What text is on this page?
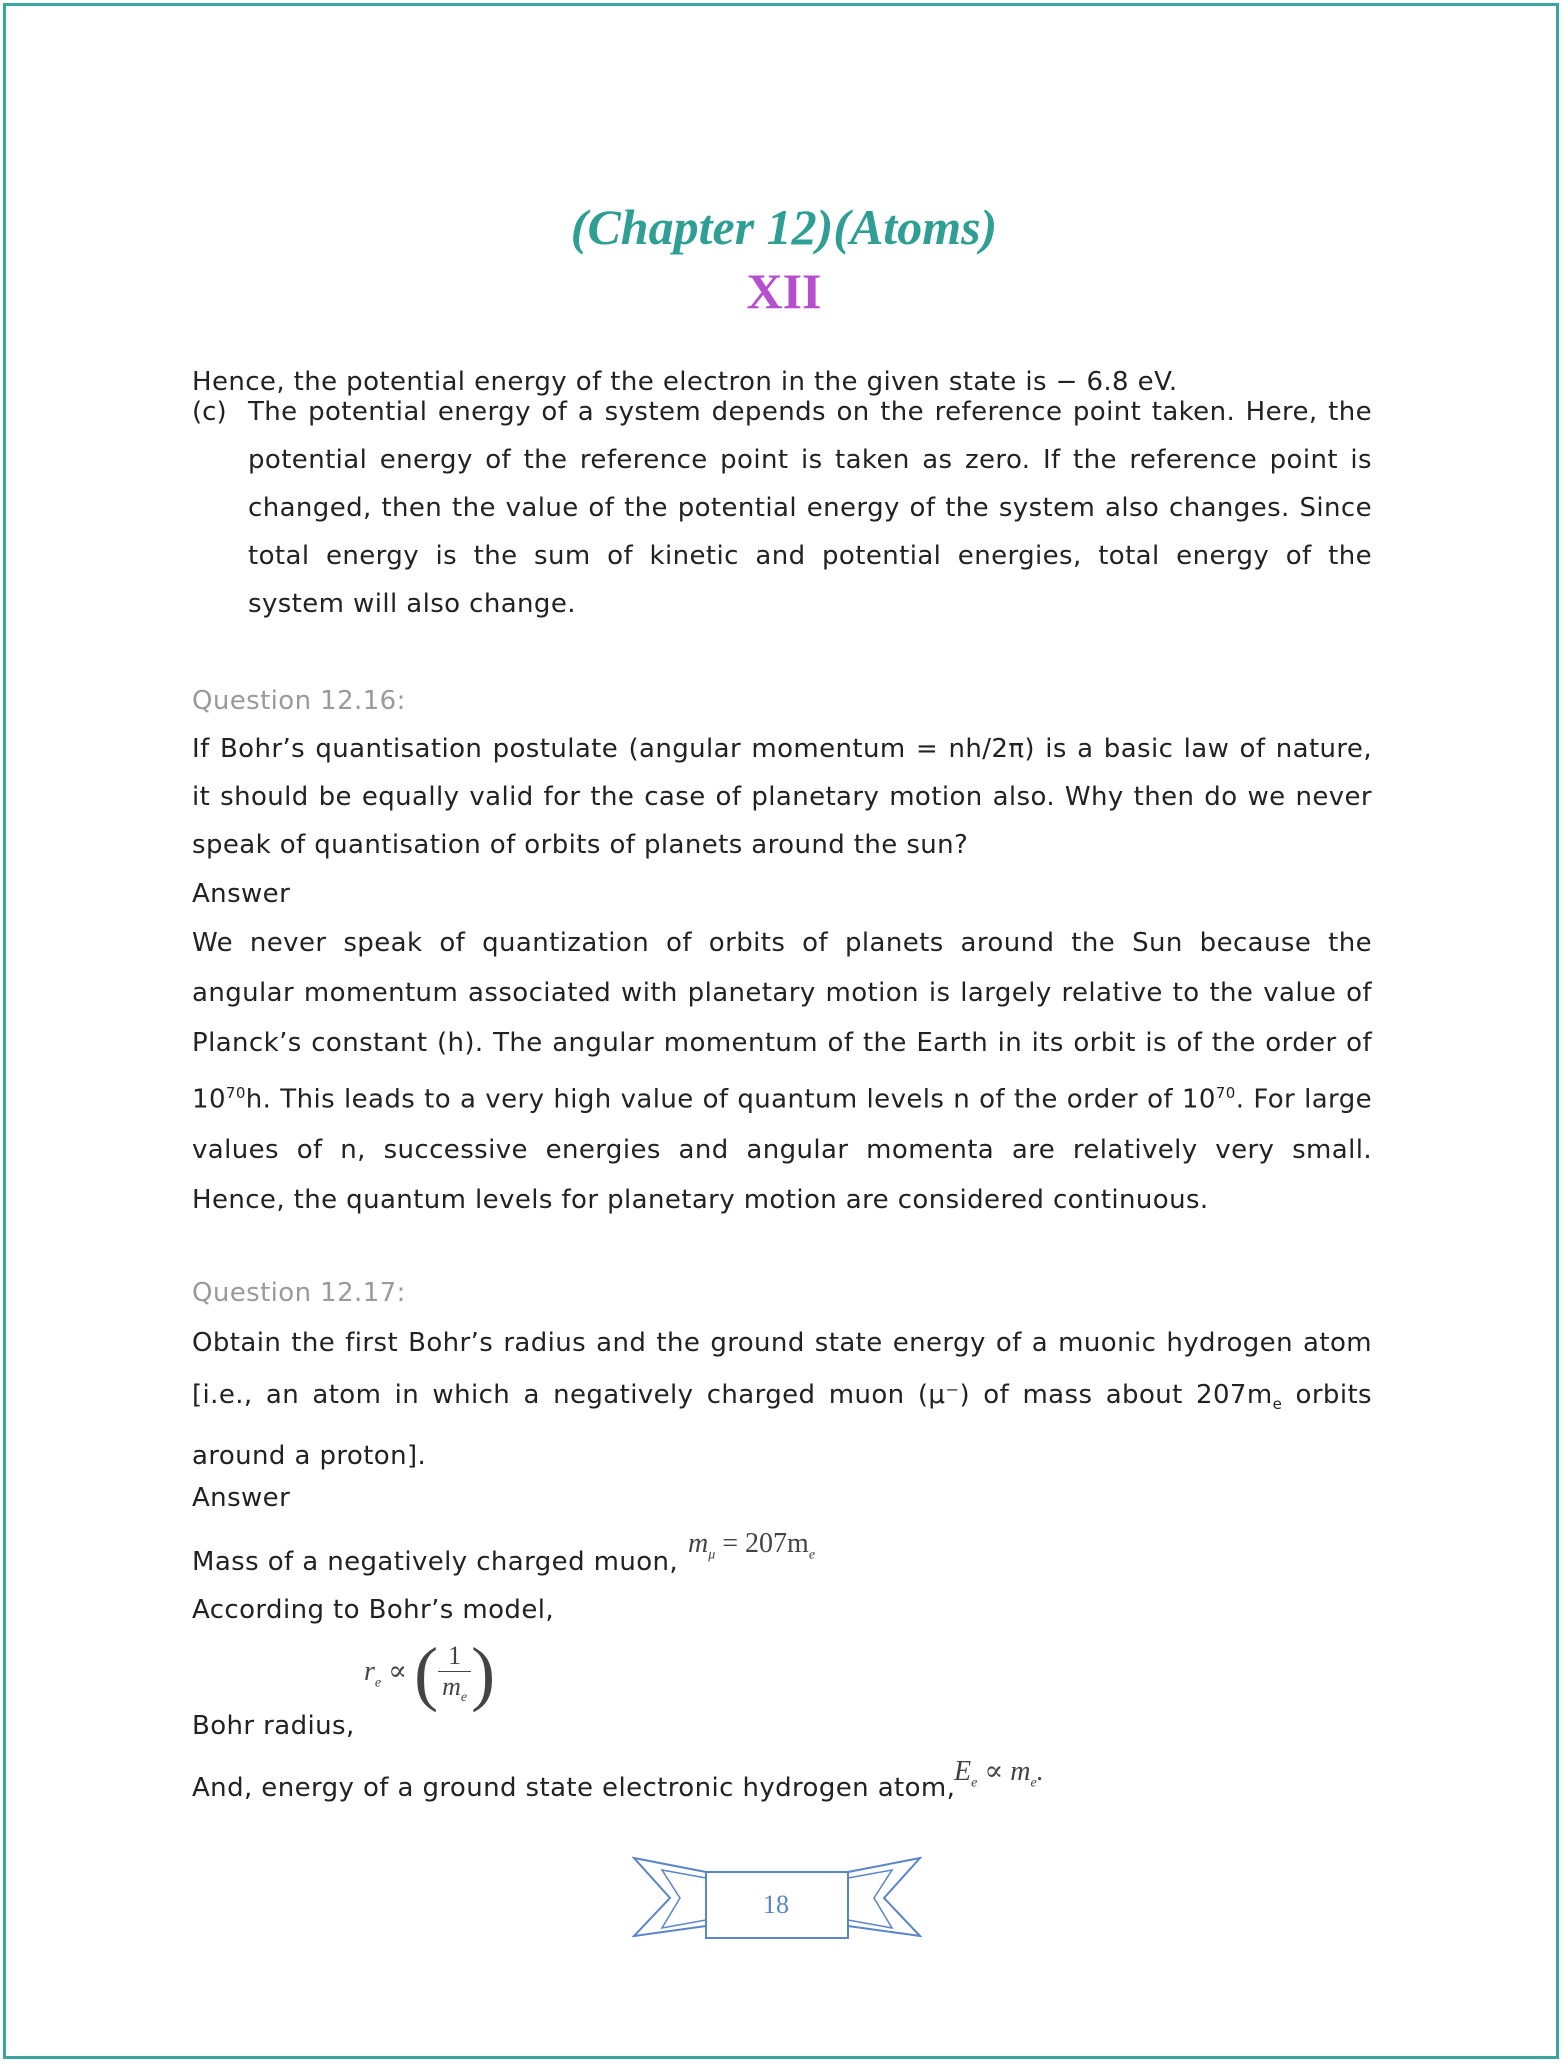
(Chapter 12)(Atoms)
XII
Hence, the potential energy of the electron in the given state is − 6.8 eV.
(c) The potential energy of a system depends on the reference point taken. Here, the potential energy of the reference point is taken as zero. If the reference point is changed, then the value of the potential energy of the system also changes. Since total energy is the sum of kinetic and potential energies, total energy of the system will also change.
Question 12.16:
If Bohr’s quantisation postulate (angular momentum = nh/2π) is a basic law of nature, it should be equally valid for the case of planetary motion also. Why then do we never speak of quantisation of orbits of planets around the sun?
Answer
We never speak of quantization of orbits of planets around the Sun because the angular momentum associated with planetary motion is largely relative to the value of Planck’s constant (h). The angular momentum of the Earth in its orbit is of the order of $10^{70}h$. This leads to a very high value of quantum levels n of the order of $10^{70}$. For large values of n, successive energies and angular momenta are relatively very small. Hence, the quantum levels for planetary motion are considered continuous.
Question 12.17:
Obtain the first Bohr’s radius and the ground state energy of a muonic hydrogen atom [i.e., an atom in which a negatively charged muon (μ⁻) of mass about $207m_e$ orbits around a proton].
Answer
Mass of a negatively charged muon,
$m_\mu = 207m_e$
According to Bohr’s model,
Bohr radius,
$r_e$ ∝ ( $\frac{1}{m_e}$ )
And, energy of a ground state electronic hydrogen atom,
$E_e \propto m_e$.
18
